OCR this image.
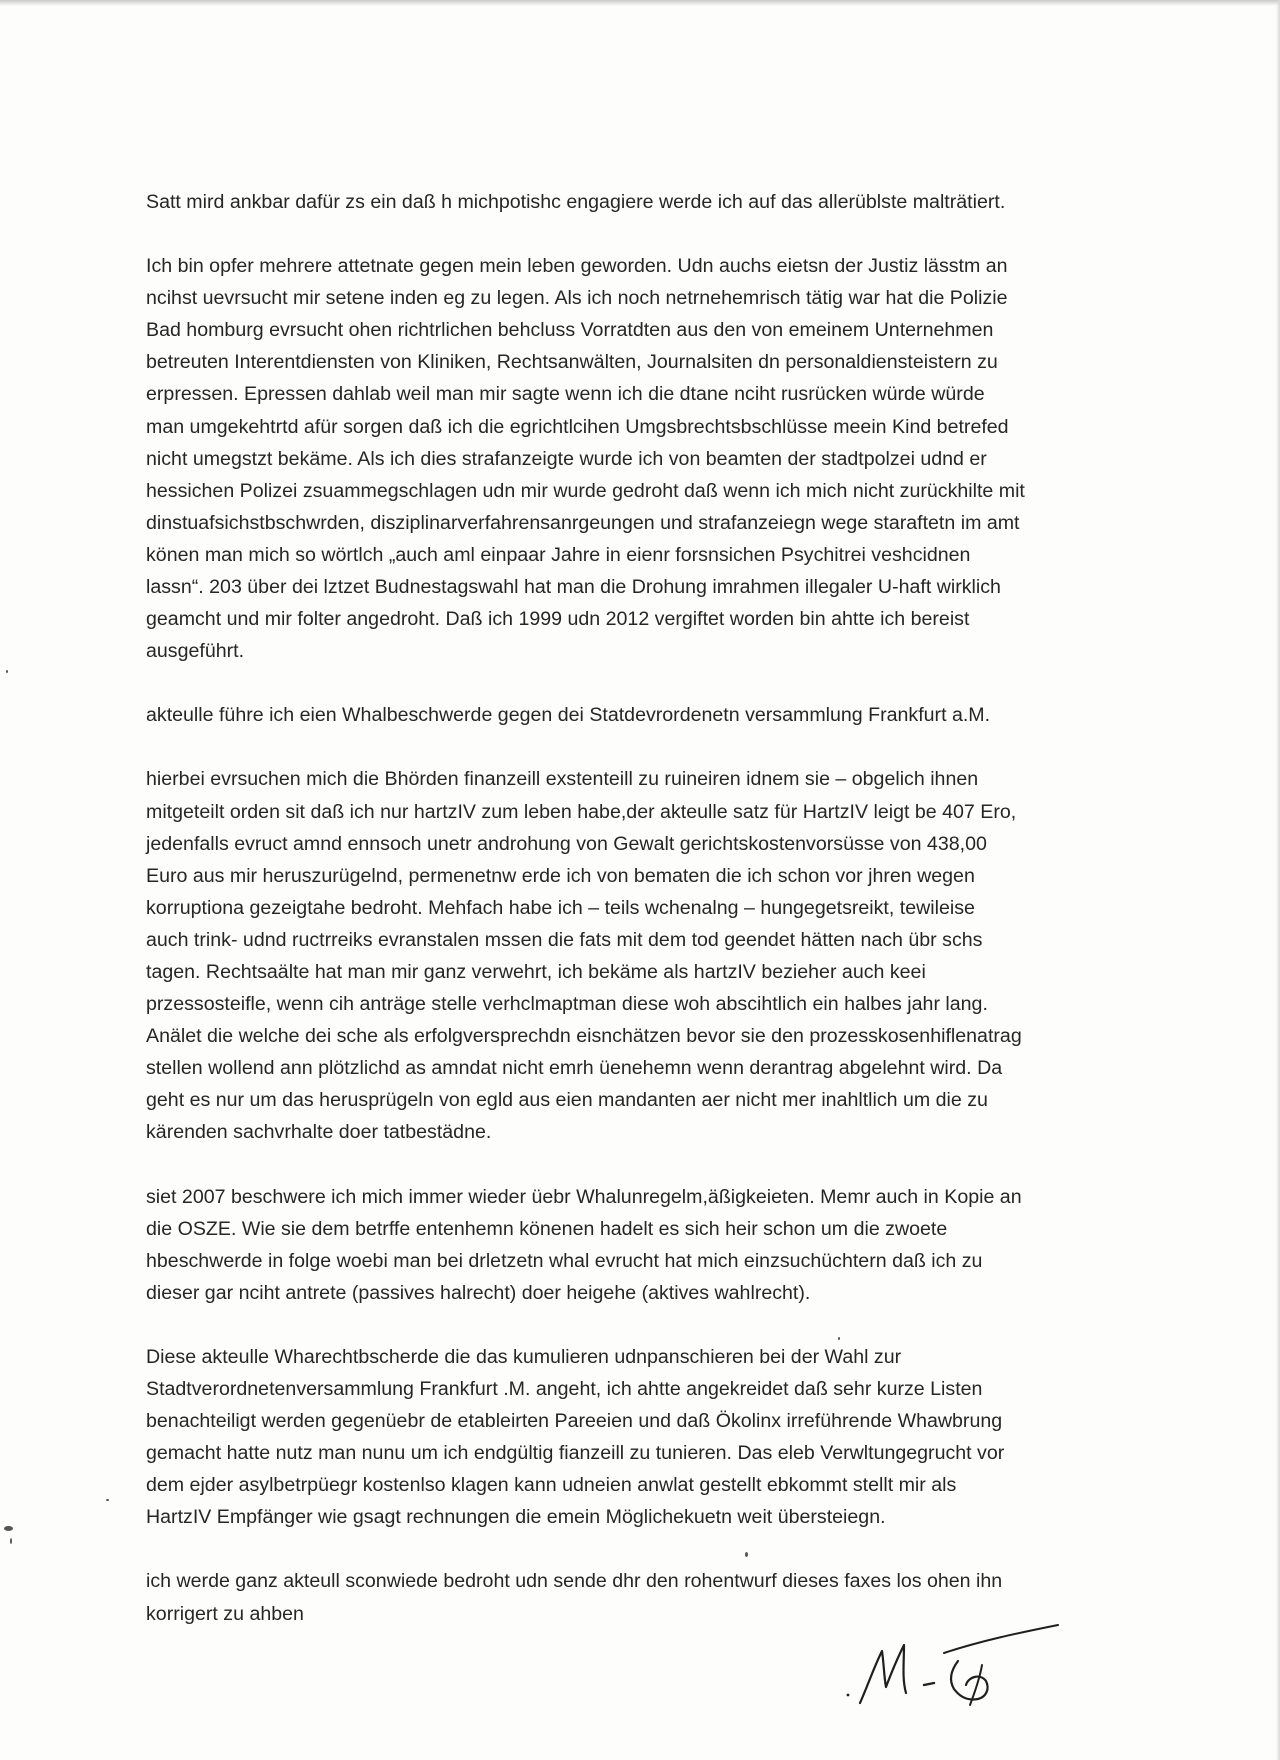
Satt mird ankbar dafür zs ein daß h michpotishc engagiere werde ich auf das allerüblste malträtiert.

Ich bin opfer mehrere attetnate gegen mein leben geworden. Udn auchs eietsn der Justiz lässtm an
ncihst uevrsucht mir setene inden eg zu legen. Als ich noch netrnehemrisch tätig war hat die Polizie
Bad homburg evrsucht ohen richtrlichen behcluss Vorratdten aus den von emeinem Unternehmen
betreuten Interentdiensten von Kliniken, Rechtsanwälten, Journalsiten dn personaldiensteistern zu
erpressen. Epressen dahlab weil man mir sagte wenn ich die dtane nciht rusrücken würde würde
man umgekehtrtd afür sorgen daß ich die egrichtlcihen Umgsbrechtsbschlüsse meein Kind betrefed
nicht umegstzt bekäme. Als ich dies strafanzeigte wurde ich von beamten der stadtpolzei udnd er
hessichen Polizei zsuammegschlagen udn mir wurde gedroht daß wenn ich mich nicht zurückhilte mit
dinstuafsichstbschwrden, disziplinarverfahrensanrgeungen und strafanzeiegn wege staraftetn im amt
könen man mich so wörtlch „auch aml einpaar Jahre in eienr forsnsichen Psychitrei veshcidnen
lassn“. 203 über dei lztzet Budnestagswahl hat man die Drohung imrahmen illegaler U-haft wirklich
geamcht und mir folter angedroht. Daß ich 1999 udn 2012 vergiftet worden bin ahtte ich bereist
ausgeführt.

akteulle führe ich eien Whalbeschwerde gegen dei Statdevrordenetn versammlung Frankfurt a.M.

hierbei evrsuchen mich die Bhörden finanzeill exstenteill zu ruineiren idnem sie – obgelich ihnen
mitgeteilt orden sit daß ich nur hartzIV zum leben habe,der akteulle satz für HartzIV leigt be 407 Ero,
jedenfalls evruct amnd ennsoch unetr androhung von Gewalt gerichtskostenvorsüsse von 438,00
Euro aus mir heruszurügelnd, permenetnw erde ich von bematen die ich schon vor jhren wegen
korruptiona gezeigtahe bedroht. Mehfach habe ich – teils wchenalng – hungegetsreikt, tewileise
auch trink- udnd ructrreiks evranstalen mssen die fats mit dem tod geendet hätten nach übr schs
tagen. Rechtsaälte hat man mir ganz verwehrt, ich bekäme als hartzIV bezieher auch keei
przessosteifle, wenn cih anträge stelle verhclmaptman diese woh abscihtlich ein halbes jahr lang.
Anälet die welche dei sche als erfolgversprechdn eisnchätzen bevor sie den prozesskosenhiflenatrag
stellen wollend ann plötzlichd as amndat nicht emrh üenehemn wenn derantrag abgelehnt wird. Da
geht es nur um das herusprügeln von egld aus eien mandanten aer nicht mer inahltlich um die zu
kärenden sachvrhalte doer tatbestädne.

siet 2007 beschwere ich mich immer wieder üebr Whalunregelm,äßigkeieten. Memr auch in Kopie an
die OSZE. Wie sie dem betrffe entenhemn könenen hadelt es sich heir schon um die zwoete
hbeschwerde in folge woebi man bei drletzetn whal evrucht hat mich einzsuchüchtern daß ich zu
dieser gar nciht antrete (passives halrecht) doer heigehe (aktives wahlrecht).

Diese akteulle Wharechtbscherde die das kumulieren udnpanschieren bei der Wahl zur
Stadtverordnetenversammlung Frankfurt .M. angeht, ich ahtte angekreidet daß sehr kurze Listen
benachteiligt werden gegenüebr de etableirten Pareeien und daß Ökolinx irreführende Whawbrung
gemacht hatte nutz man nunu um ich endgültig fianzeill zu tunieren. Das eleb Verwltungegrucht vor
dem ejder asylbetrpüegr kostenlso klagen kann udneien anwlat gestellt ebkommt stellt mir als
HartzIV Empfänger wie gsagt rechnungen die emein Möglichekuetn weit übersteiegn.

ich werde ganz akteull sconwiede bedroht udn sende dhr den rohentwurf dieses faxes los ohen ihn
korrigert zu ahben
